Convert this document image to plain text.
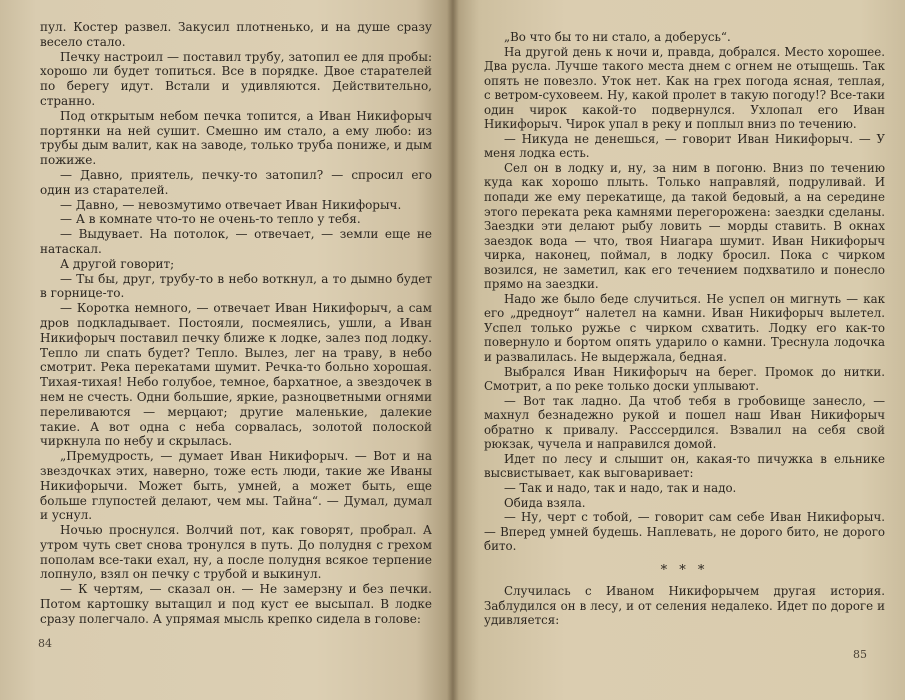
пул. Костер развел. Закусил плотненько, и на душе сразу весело стало.

Печку настроил — поставил трубу, затопил ее для пробы: хорошо ли будет топиться. Все в порядке. Двое старателей по берегу идут. Встали и удивляются. Действительно, странно.

Под открытым небом печка топится, а Иван Никифорыч портянки на ней сушит. Смешно им стало, а ему любо: из трубы дым валит, как на заводе, только труба пониже, и дым пожиже.

— Давно, приятель, печку-то затопил? — спросил его один из старателей.

— Давно, — невозмутимо отвечает Иван Никифорыч.

— А в комнате что-то не очень-то тепло у тебя.

— Выдувает. На потолок, — отвечает, — земли еще не натаскал.

А другой говорит;

— Ты бы, друг, трубу-то в небо воткнул, а то дымно будет в горнице-то.

— Коротка немного, — отвечает Иван Никифорыч, а сам дров подкладывает. Постояли, посмеялись, ушли, а Иван Никифорыч поставил печку ближе к лодке, залез под лодку. Тепло ли спать будет? Тепло. Вылез, лег на траву, в небо смотрит. Река перекатами шумит. Речка-то больно хорошая. Тихая-тихая! Небо голубое, темное, бархатное, а звездочек в нем не счесть. Одни большие, яркие, разноцветными огнями переливаются — мерцают; другие маленькие, далекие такие. А вот одна с неба сорвалась, золотой полоской чиркнула по небу и скрылась.

„Премудрость, — думает Иван Никифорыч. — Вот и на звездочках этих, наверно, тоже есть люди, такие же Иваны Никифорычи. Может быть, умней, а может быть, еще больше глупостей делают, чем мы. Тайна“. — Думал, думал и уснул.

Ночью проснулся. Волчий пот, как говорят, пробрал. А утром чуть свет снова тронулся в путь. До полудня с грехом пополам все-таки ехал, ну, а после полудня всякое терпение лопнуло, взял он печку с трубой и выкинул.

— К чертям, — сказал он. — Не замерзну и без печки. Потом картошку вытащил и под куст ее высыпал. В лодке сразу полегчало. А упрямая мысль крепко сидела в голове:

84

„Во что бы то ни стало, а доберусь“.

На другой день к ночи и, правда, добрался. Место хорошее. Два русла. Лучше такого места днем с огнем не отыщешь. Так опять не повезло. Уток нет. Как на грех погода ясная, теплая, с ветром-суховеем. Ну, какой пролет в такую погоду!? Все-таки один чирок какой-то подвернулся. Ухлопал его Иван Никифорыч. Чирок упал в реку и поплыл вниз по течению.

— Никуда не денешься, — говорит Иван Никифорыч. — У меня лодка есть.

Сел он в лодку и, ну, за ним в погоню. Вниз по течению куда как хорошо плыть. Только направляй, подруливай. И попади же ему перекатище, да такой бедовый, а на середине этого переката река камнями перегорожена: заездки сделаны. Заездки эти делают рыбу ловить — морды ставить. В окнах заездок вода — что, твоя Ниагара шумит. Иван Никифорыч чирка, наконец, поймал, в лодку бросил. Пока с чирком возился, не заметил, как его течением подхватило и понесло прямо на заездки.

Надо же было беде случиться. Не успел он мигнуть — как его „дредноут“ налетел на камни. Иван Никифорыч вылетел. Успел только ружье с чирком схватить. Лодку его как-то повернуло и бортом опять ударило о камни. Треснула лодочка и развалилась. Не выдержала, бедная.

Выбрался Иван Никифорыч на берег. Промок до нитки. Смотрит, а по реке только доски уплывают.

— Вот так ладно. Да чтоб тебя в гробовище занесло, — махнул безнадежно рукой и пошел наш Иван Никифорыч обратно к привалу. Расссердился. Взвалил на себя свой рюкзак, чучела и направился домой.

Идет по лесу и слышит он, какая-то пичужка в ельнике высвистывает, как выговаривает:

— Так и надо, так и надо, так и надо.

Обида взяла.

— Ну, черт с тобой, — говорит сам себе Иван Никифорыч. — Вперед умней будешь. Наплевать, не дорого бито, не дорого бито.

* * *

Случилась с Иваном Никифорычем другая история. Заблудился он в лесу, и от селения недалеко. Идет по дороге и удивляется:

85
